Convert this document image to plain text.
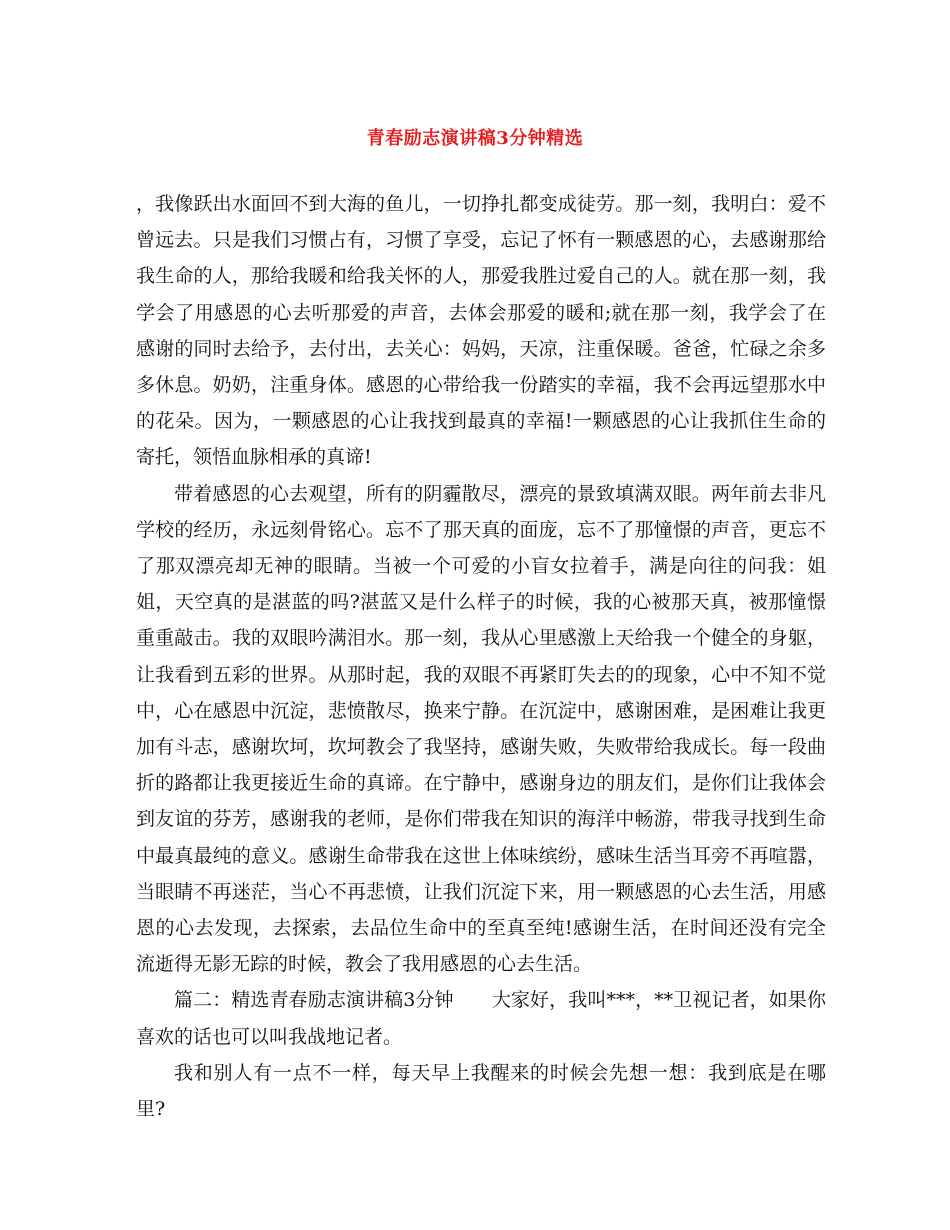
青春励志演讲稿3分钟精选

，我像跃出水面回不到大海的鱼儿，一切挣扎都变成徒劳。那一刻，我明白：爱不曾远去。只是我们习惯占有，习惯了享受，忘记了怀有一颗感恩的心，去感谢那给我生命的人，那给我暖和给我关怀的人，那爱我胜过爱自己的人。就在那一刻，我学会了用感恩的心去听那爱的声音，去体会那爱的暖和;就在那一刻，我学会了在感谢的同时去给予，去付出，去关心：妈妈，天凉，注重保暖。爸爸，忙碌之余多多休息。奶奶，注重身体。感恩的心带给我一份踏实的幸福，我不会再远望那水中的花朵。因为，一颗感恩的心让我找到最真的幸福!一颗感恩的心让我抓住生命的寄托，领悟血脉相承的真谛!

带着感恩的心去观望，所有的阴霾散尽，漂亮的景致填满双眼。两年前去非凡学校的经历，永远刻骨铭心。忘不了那天真的面庞，忘不了那憧憬的声音，更忘不了那双漂亮却无神的眼睛。当被一个可爱的小盲女拉着手，满是向往的问我：姐姐，天空真的是湛蓝的吗?湛蓝又是什么样子的时候，我的心被那天真，被那憧憬重重敲击。我的双眼吟满泪水。那一刻，我从心里感激上天给我一个健全的身躯，让我看到五彩的世界。从那时起，我的双眼不再紧盯失去的的现象，心中不知不觉中，心在感恩中沉淀，悲愤散尽，换来宁静。在沉淀中，感谢困难，是困难让我更加有斗志，感谢坎坷，坎坷教会了我坚持，感谢失败，失败带给我成长。每一段曲折的路都让我更接近生命的真谛。在宁静中，感谢身边的朋友们，是你们让我体会到友谊的芬芳，感谢我的老师，是你们带我在知识的海洋中畅游，带我寻找到生命中最真最纯的意义。感谢生命带我在这世上体味缤纷，感味生活当耳旁不再喧嚣，当眼睛不再迷茫，当心不再悲愤，让我们沉淀下来，用一颗感恩的心去生活，用感恩的心去发现，去探索，去品位生命中的至真至纯!感谢生活，在时间还没有完全流逝得无影无踪的时候，教会了我用感恩的心去生活。

篇二：精选青春励志演讲稿3分钟　　大家好，我叫***，**卫视记者，如果你喜欢的话也可以叫我战地记者。

我和别人有一点不一样，每天早上我醒来的时候会先想一想：我到底是在哪里?
